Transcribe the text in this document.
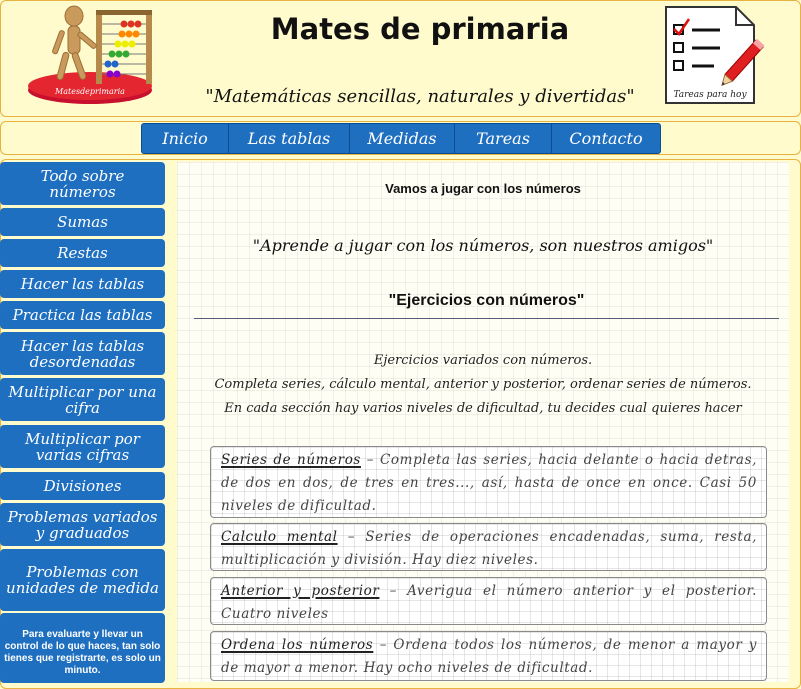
Matesdeprimaria
Mates de primaria
"Matemáticas sencillas, naturales y divertidas"	Tareas para hoy
Inicio	Las tablas	Medidas	Tareas	Contacto
Todo sobre números
Sumas
Restas
Hacer las tablas
Practica las tablas
Hacer las tablas desordenadas
Multiplicar por una cifra
Multiplicar por varias cifras
Divisiones
Problemas variados y graduados
Problemas con unidades de medida
Para evaluarte y llevar un control de lo que haces, tan solo tienes que registrarte, es solo un minuto.
Vamos a jugar con los números
"Aprende a jugar con los números, son nuestros amigos"
"Ejercicios con números"
Ejercicios variados con números.
Completa series, cálculo mental, anterior y posterior, ordenar series de números.
En cada sección hay varios niveles de dificultad, tu decides cual quieres hacer
Series de números – Completa las series, hacia delante o hacia detras, de dos en dos, de tres en tres..., así, hasta de once en once. Casi 50 niveles de dificultad.
Calculo mental – Series de operaciones encadenadas, suma, resta, multiplicación y división. Hay diez niveles.
Anterior y posterior – Averigua el número anterior y el posterior. Cuatro niveles
Ordena los números – Ordena todos los números, de menor a mayor y de mayor a menor. Hay ocho niveles de dificultad.
